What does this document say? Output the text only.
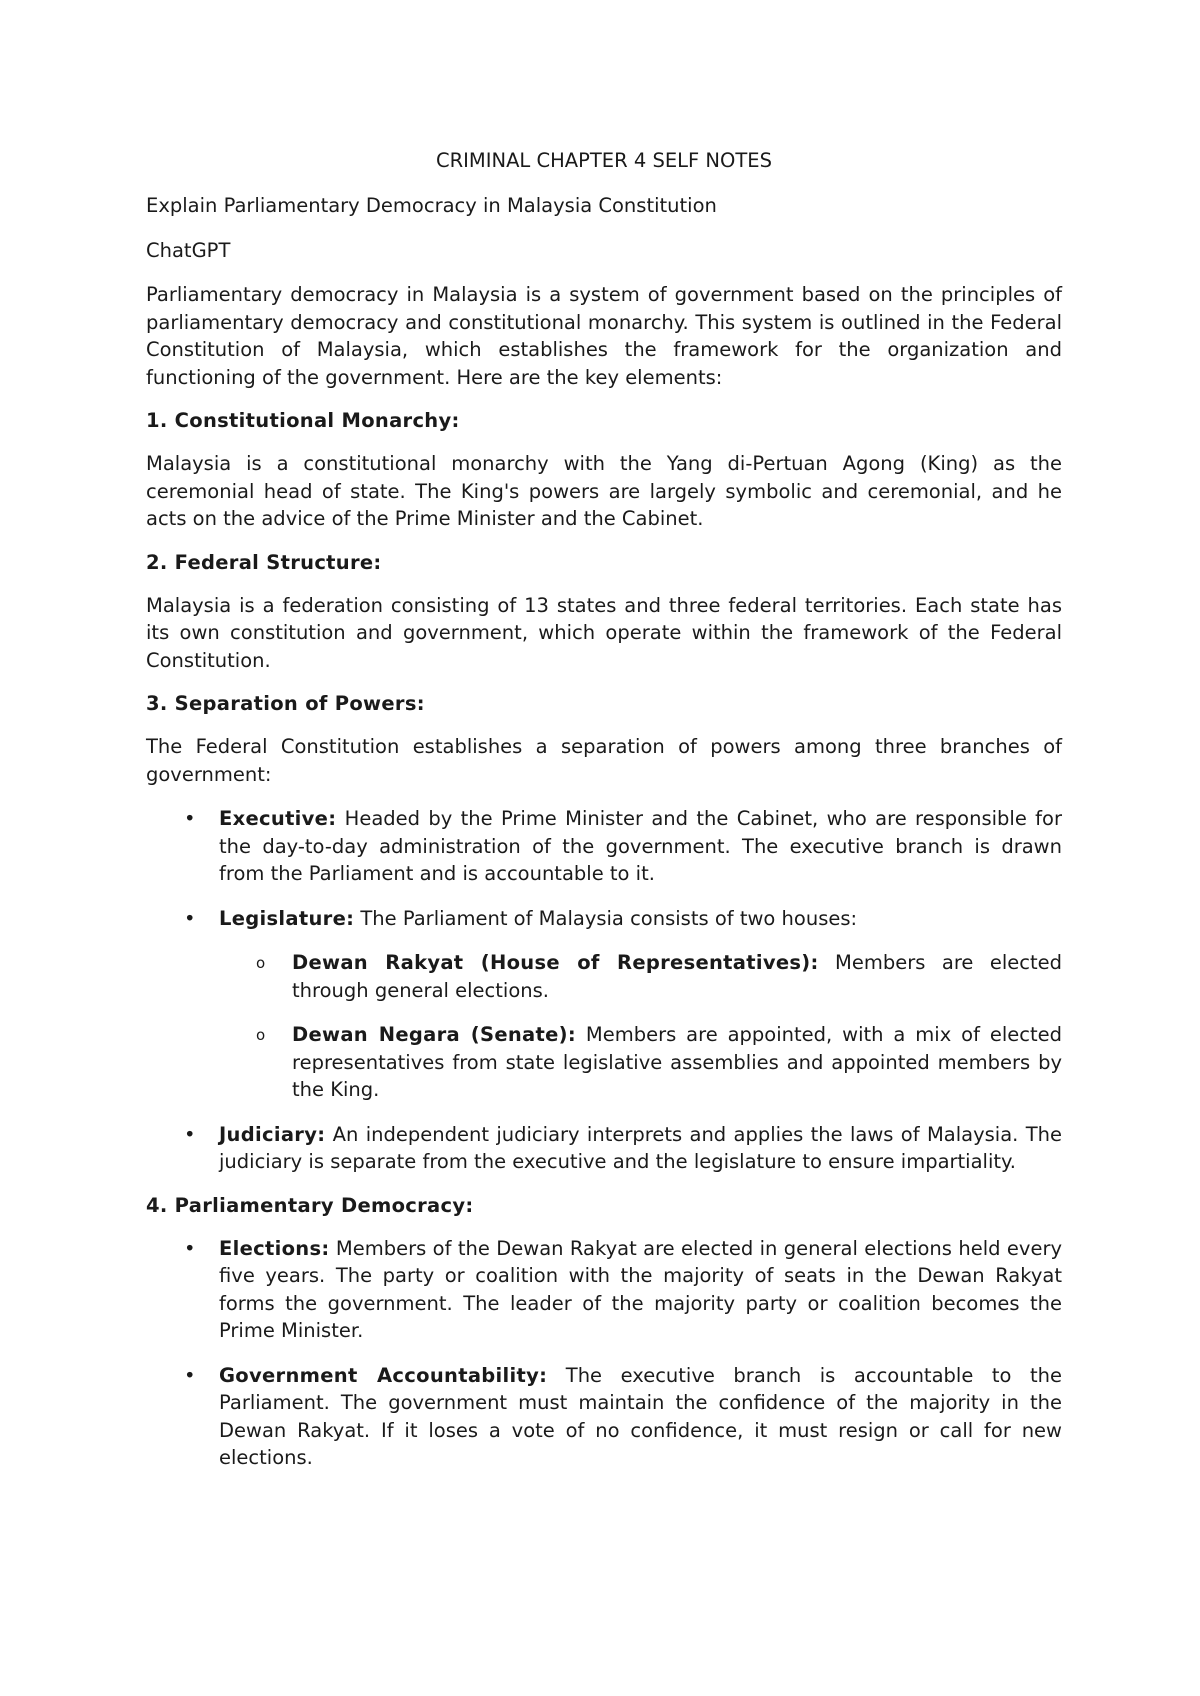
CRIMINAL CHAPTER 4 SELF NOTES
Explain Parliamentary Democracy in Malaysia Constitution
ChatGPT
Parliamentary democracy in Malaysia is a system of government based on the principles of parliamentary democracy and constitutional monarchy. This system is outlined in the Federal Constitution of Malaysia, which establishes the framework for the organization and functioning of the government. Here are the key elements:
1. Constitutional Monarchy:
Malaysia is a constitutional monarchy with the Yang di-Pertuan Agong (King) as the ceremonial head of state. The King's powers are largely symbolic and ceremonial, and he acts on the advice of the Prime Minister and the Cabinet.
2. Federal Structure:
Malaysia is a federation consisting of 13 states and three federal territories. Each state has its own constitution and government, which operate within the framework of the Federal Constitution.
3. Separation of Powers:
The Federal Constitution establishes a separation of powers among three branches of government:
• Executive: Headed by the Prime Minister and the Cabinet, who are responsible for the day-to-day administration of the government. The executive branch is drawn from the Parliament and is accountable to it.
• Legislature: The Parliament of Malaysia consists of two houses:
o Dewan Rakyat (House of Representatives): Members are elected through general elections.
o Dewan Negara (Senate): Members are appointed, with a mix of elected representatives from state legislative assemblies and appointed members by the King.
• Judiciary: An independent judiciary interprets and applies the laws of Malaysia. The judiciary is separate from the executive and the legislature to ensure impartiality.
4. Parliamentary Democracy:
• Elections: Members of the Dewan Rakyat are elected in general elections held every five years. The party or coalition with the majority of seats in the Dewan Rakyat forms the government. The leader of the majority party or coalition becomes the Prime Minister.
• Government Accountability: The executive branch is accountable to the Parliament. The government must maintain the confidence of the majority in the Dewan Rakyat. If it loses a vote of no confidence, it must resign or call for new elections.
